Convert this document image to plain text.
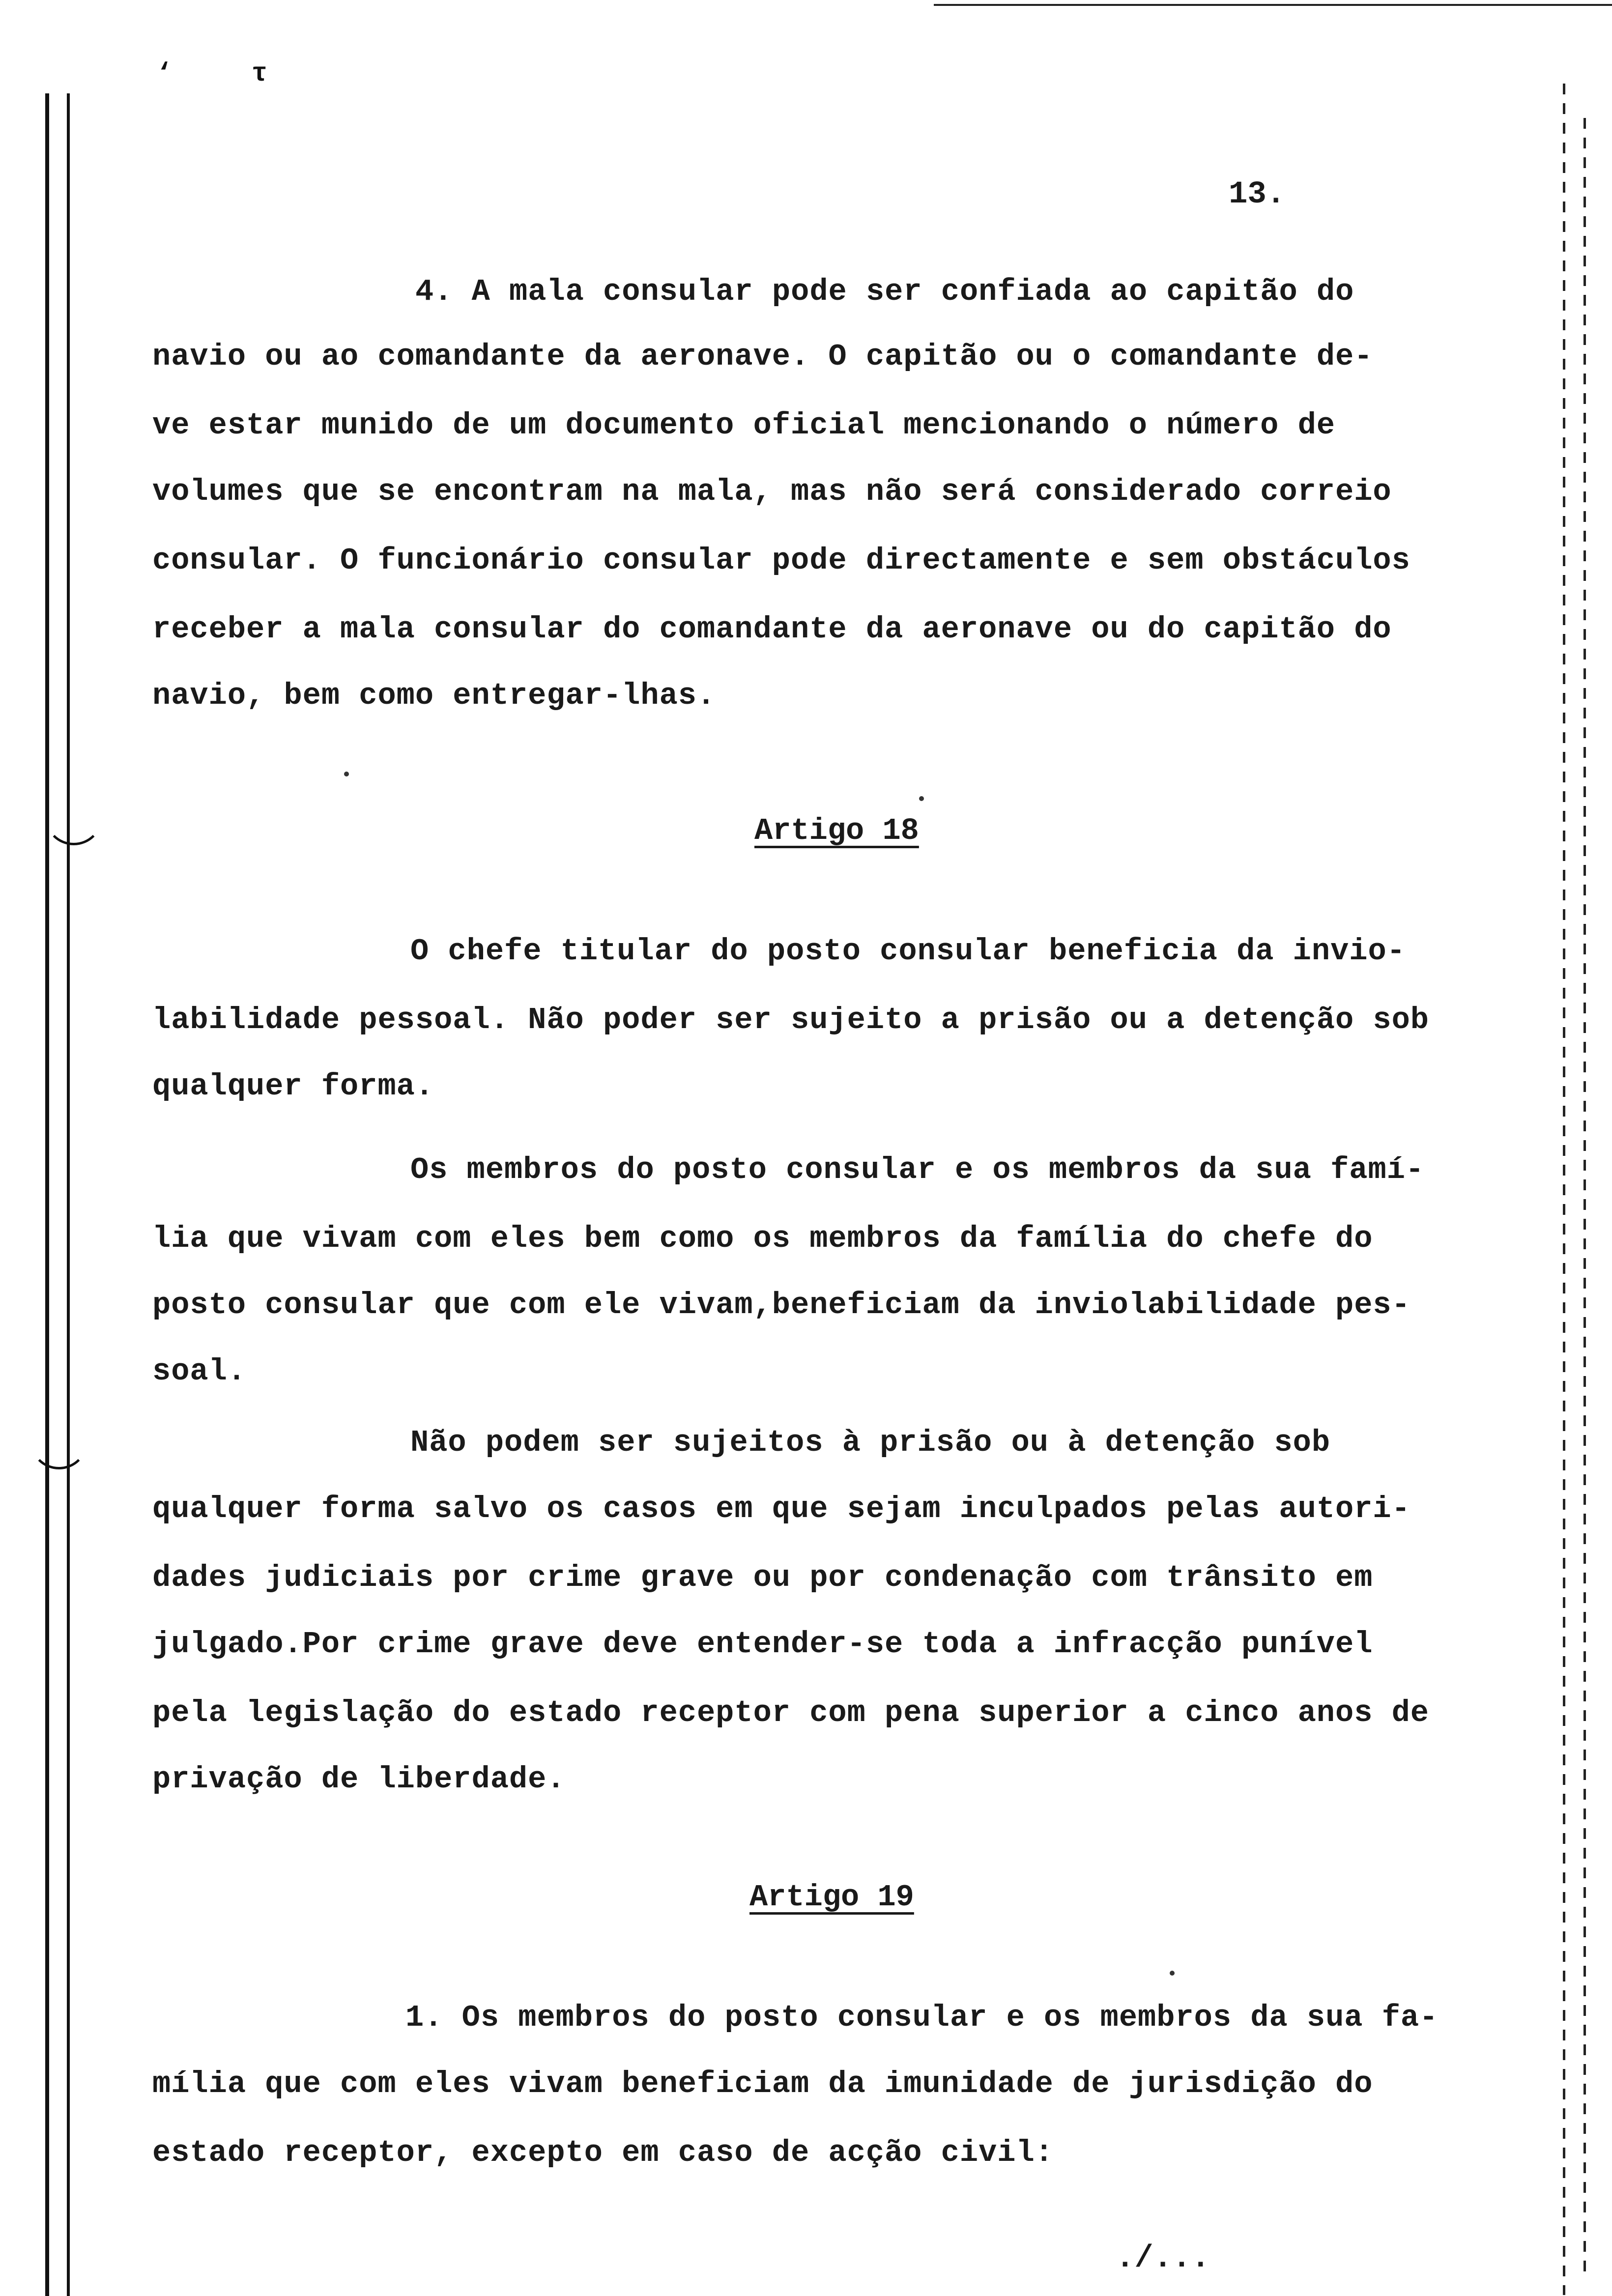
‘	τ
13.
4. A mala consular pode ser confiada ao capitão do
navio ou ao comandante da aeronave. O capitão ou o comandante de-
ve estar munido de um documento oficial mencionando o número de
volumes que se encontram na mala, mas não será considerado correio
consular. O funcionário consular pode directamente e sem obstáculos
receber a mala consular do comandante da aeronave ou do capitão do
navio, bem como entregar-lhas.
Artigo 18
O chefe titular do posto consular beneficia da invio-
labilidade pessoal. Não poder ser sujeito a prisão ou a detenção sob
qualquer forma.
Os membros do posto consular e os membros da sua famí-
lia que vivam com eles bem como os membros da família do chefe do
posto consular que com ele vivam,beneficiam da inviolabilidade pes-
soal.
Não podem ser sujeitos à prisão ou à detenção sob
qualquer forma salvo os casos em que sejam inculpados pelas autori-
dades judiciais por crime grave ou por condenação com trânsito em
julgado.Por crime grave deve entender-se toda a infracção punível
pela legislação do estado receptor com pena superior a cinco anos de
privação de liberdade.
Artigo 19
1. Os membros do posto consular e os membros da sua fa-
mília que com eles vivam beneficiam da imunidade de jurisdição do
estado receptor, excepto em caso de acção civil:
./...
